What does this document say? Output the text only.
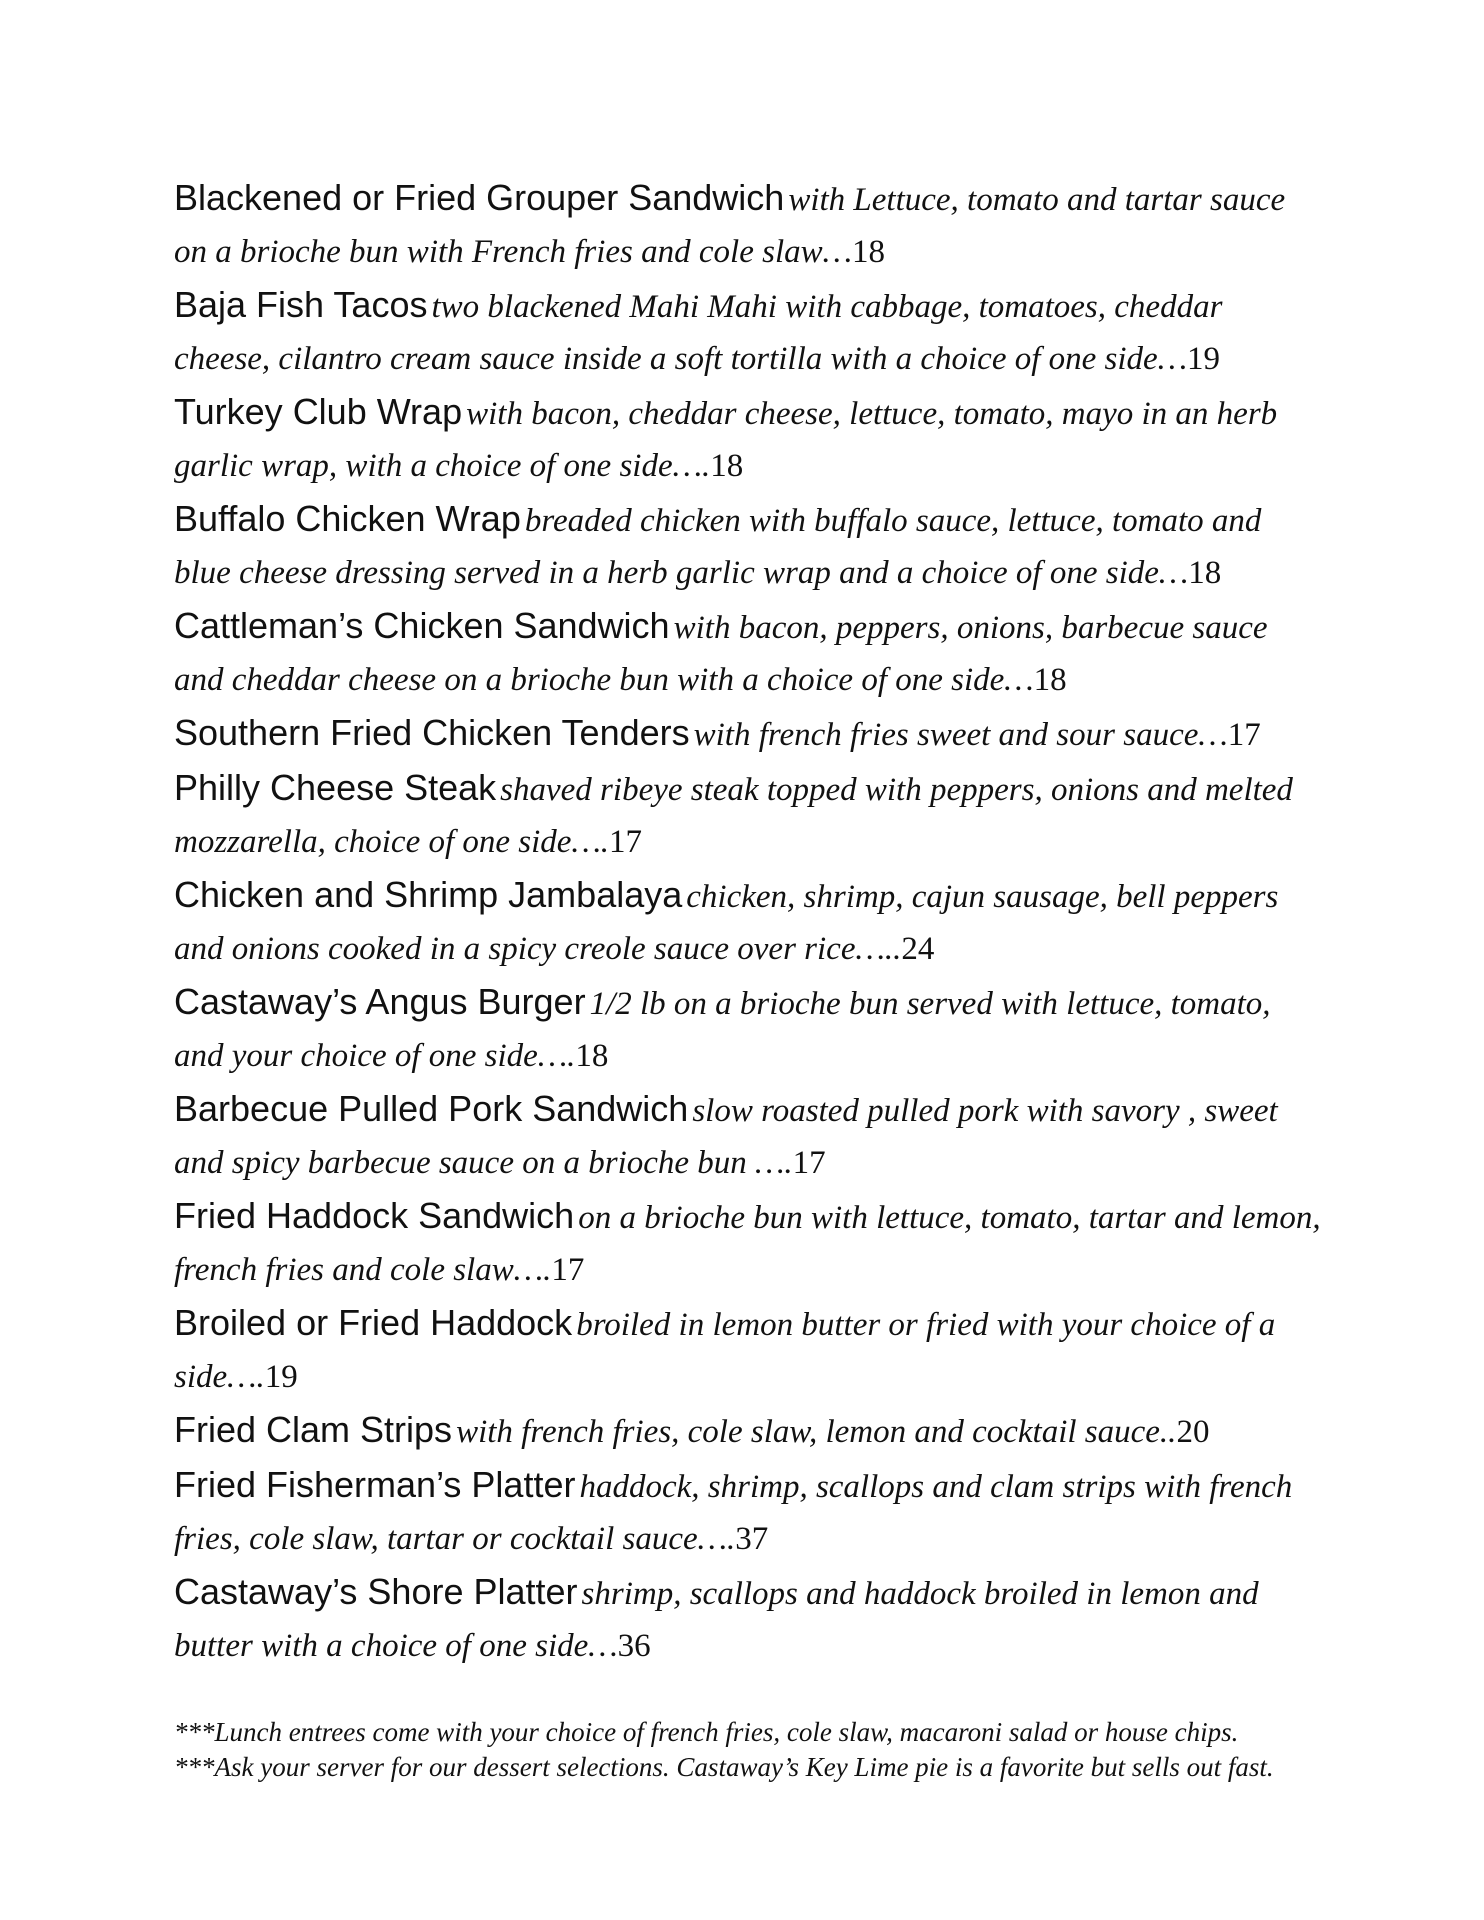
Blackened or Fried Grouper Sandwich with Lettuce, tomato and tartar sauce on a brioche bun with French fries and cole slaw…18

Baja Fish Tacos two blackened Mahi Mahi with cabbage, tomatoes, cheddar cheese, cilantro cream sauce inside a soft tortilla with a choice of one side…19

Turkey Club Wrap with bacon, cheddar cheese, lettuce, tomato, mayo in an herb garlic wrap, with a choice of one side….18

Buffalo Chicken Wrap breaded chicken with buffalo sauce, lettuce, tomato and blue cheese dressing served in a herb garlic wrap and a choice of one side…18

Cattleman’s Chicken Sandwich with bacon, peppers, onions, barbecue sauce and cheddar cheese on a brioche bun with a choice of one side…18

Southern Fried Chicken Tenders with french fries sweet and sour sauce…17

Philly Cheese Steak shaved ribeye steak topped with peppers, onions and melted mozzarella, choice of one side….17

Chicken and Shrimp Jambalaya chicken, shrimp, cajun sausage, bell peppers and onions cooked in a spicy creole sauce over rice…..24

Castaway’s Angus Burger 1/2 lb on a brioche bun served with lettuce, tomato, and your choice of one side….18

Barbecue Pulled Pork Sandwich slow roasted pulled pork with savory , sweet and spicy barbecue sauce on a brioche bun ….17

Fried Haddock Sandwich on a brioche bun with lettuce, tomato, tartar and lemon, french fries and cole slaw….17

Broiled or Fried Haddock broiled in lemon butter or fried with your choice of a side….19

Fried Clam Strips with french fries, cole slaw, lemon and cocktail sauce..20

Fried Fisherman’s Platter haddock, shrimp, scallops and clam strips with french fries, cole slaw, tartar or cocktail sauce….37

Castaway’s Shore Platter shrimp, scallops and haddock broiled in lemon and butter with a choice of one side…36

***Lunch entrees come with your choice of french fries, cole slaw, macaroni salad or house chips.

***Ask your server for our dessert selections. Castaway’s Key Lime pie is a favorite but sells out fast.
